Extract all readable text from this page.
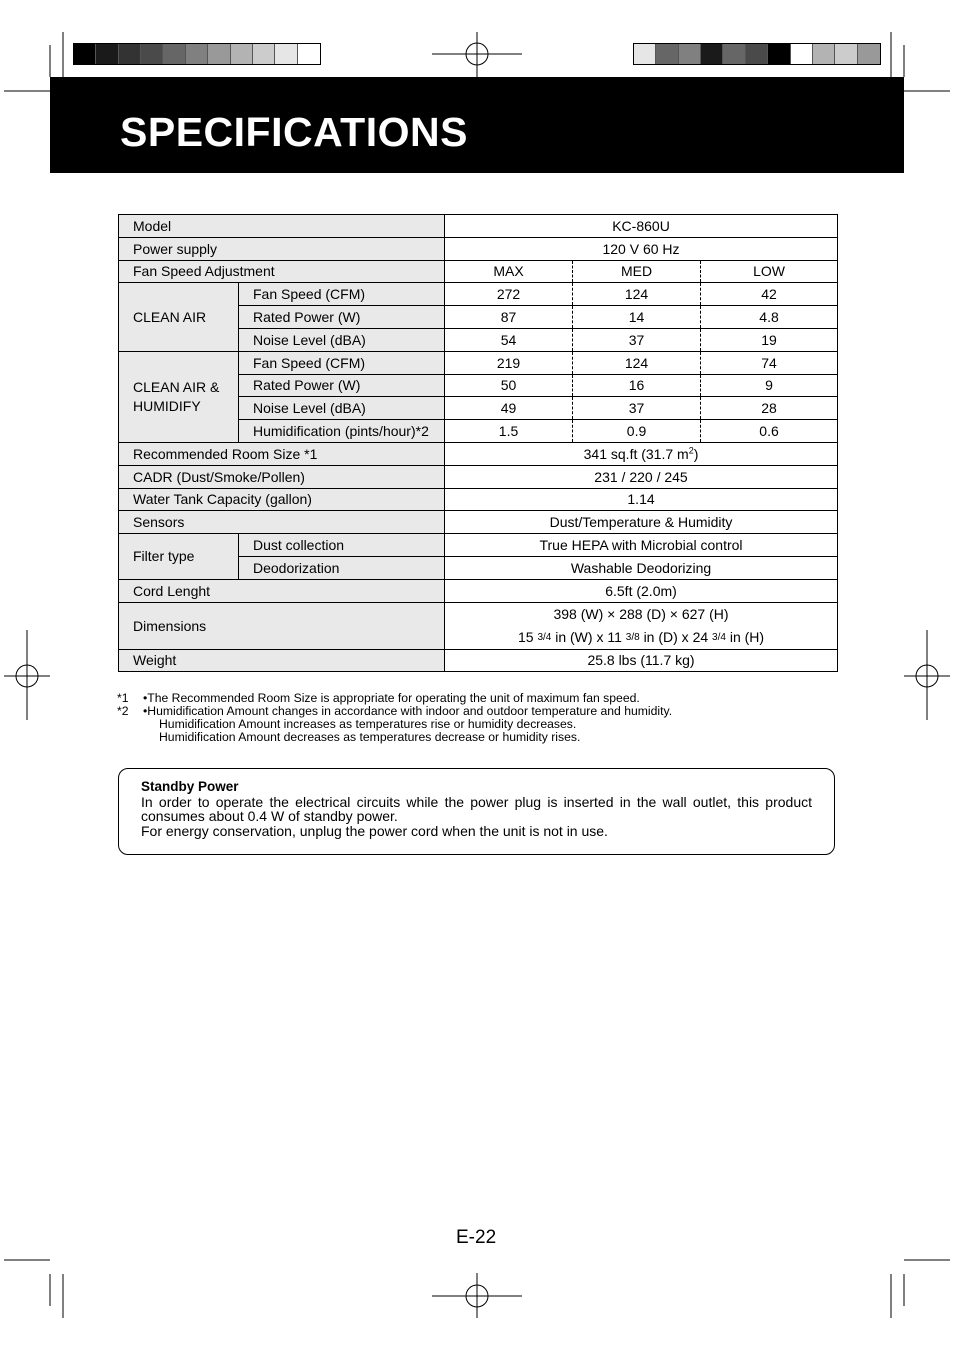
SPECIFICATIONS
Model		KC-860U		
Power supply		120 V 60 Hz		
Fan Speed Adjustment		MAX	MED	LOW
CLEAN AIR	Fan Speed (CFM)	272	124	42
	Rated Power (W)	87	14	4.8
	Noise Level (dBA)	54	37	19
CLEAN AIR &
HUMIDIFY	Fan Speed (CFM)	219	124	74
	Rated Power (W)	50	16	9
	Noise Level (dBA)	49	37	28
	Humidification (pints/hour)*2	1.5	0.9	0.6
Recommended Room Size *1		341 sq.ft (31.7 $m^2$)		
CADR (Dust/Smoke/Pollen)		231 / 220 / 245		
Water Tank Capacity (gallon)		1.14		
Sensors		Dust/Temperature & Humidity		
Filter type	Dust collection	True HEPA with Microbial control		
	Deodorization	Washable Deodorizing		
Cord Lenght		6.5ft (2.0m)		
Dimensions		398 (W) × 288 (D) × 627 (H)
15 3/4 in (W) x 11 3/8 in (D) x 24 3/4 in (H)		
Weight		25.8 lbs (11.7 kg)		
*1	•The Recommended Room Size is appropriate for operating the unit of maximum fan speed.
*2	•Humidification Amount changes in accordance with indoor and outdoor temperature and humidity.
Humidification Amount increases as temperatures rise or humidity decreases.
Humidification Amount decreases as temperatures decrease or humidity rises.
Standby Power
In order to operate the electrical circuits while the power plug is inserted in the wall outlet, this product consumes about 0.4 W of standby power.
For energy conservation, unplug the power cord when the unit is not in use.
E-22
